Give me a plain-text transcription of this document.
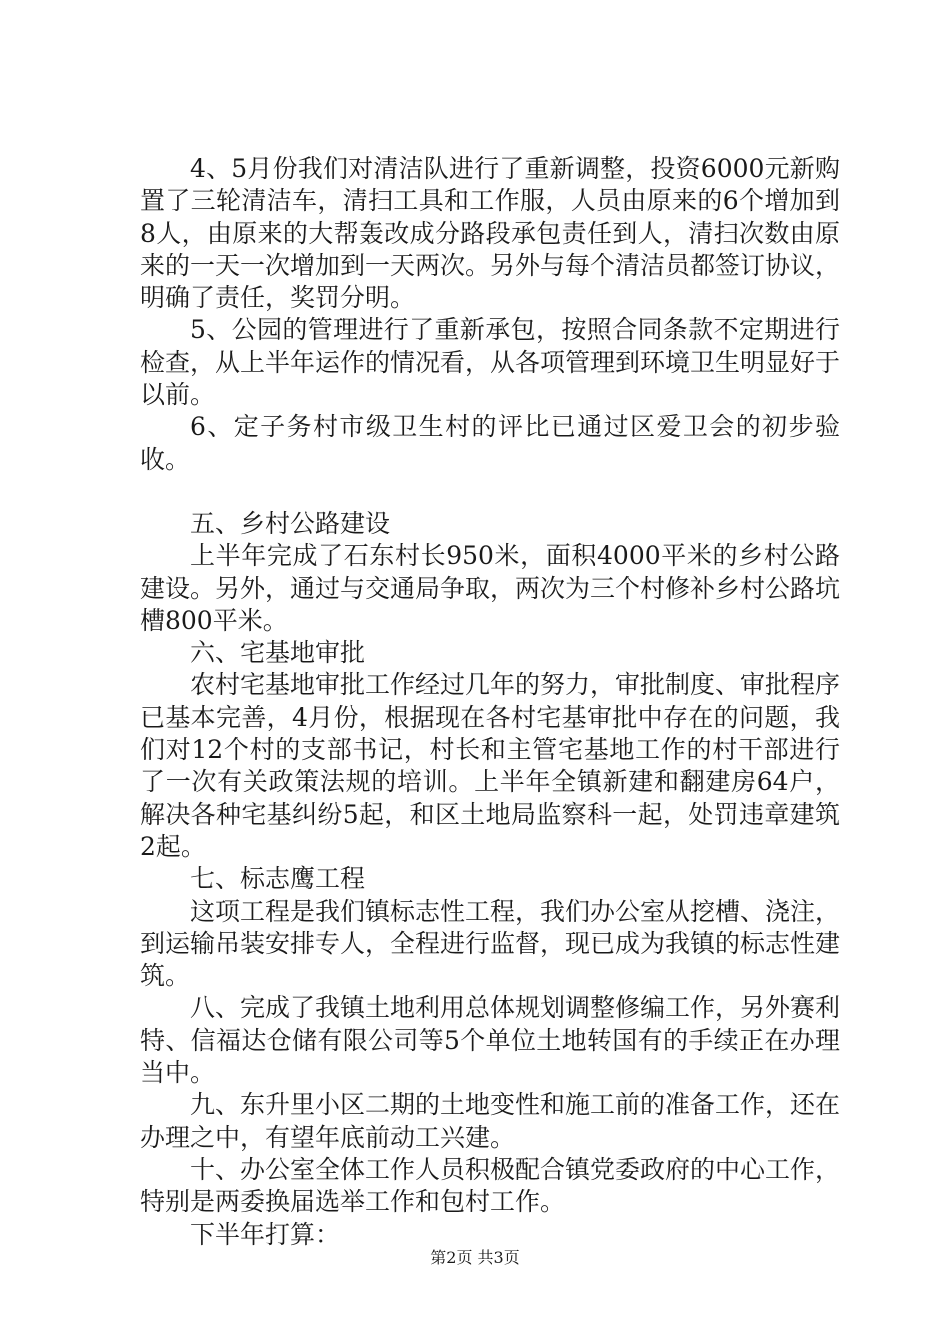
4、5月份我们对清洁队进行了重新调整，投资6000元新购置了三轮清洁车，清扫工具和工作服，人员由原来的6个增加到8人，由原来的大帮轰改成分路段承包责任到人，清扫次数由原来的一天一次增加到一天两次。另外与每个清洁员都签订协议，明确了责任，奖罚分明。

5、公园的管理进行了重新承包，按照合同条款不定期进行检查，从上半年运作的情况看，从各项管理到环境卫生明显好于以前。

6、定子务村市级卫生村的评比已通过区爱卫会的初步验收。

五、乡村公路建设

上半年完成了石东村长950米，面积4000平米的乡村公路建设。另外，通过与交通局争取，两次为三个村修补乡村公路坑槽800平米。

六、宅基地审批

农村宅基地审批工作经过几年的努力，审批制度、审批程序已基本完善，4月份，根据现在各村宅基审批中存在的问题，我们对12个村的支部书记，村长和主管宅基地工作的村干部进行了一次有关政策法规的培训。上半年全镇新建和翻建房64户，解决各种宅基纠纷5起，和区土地局监察科一起，处罚违章建筑2起。

七、标志鹰工程

这项工程是我们镇标志性工程，我们办公室从挖槽、浇注，到运输吊装安排专人，全程进行监督，现已成为我镇的标志性建筑。

八、完成了我镇土地利用总体规划调整修编工作，另外赛利特、信福达仓储有限公司等5个单位土地转国有的手续正在办理当中。

九、东升里小区二期的土地变性和施工前的准备工作，还在办理之中，有望年底前动工兴建。

十、办公室全体工作人员积极配合镇党委政府的中心工作，特别是两委换届选举工作和包村工作。

下半年打算：

第2页 共3页
